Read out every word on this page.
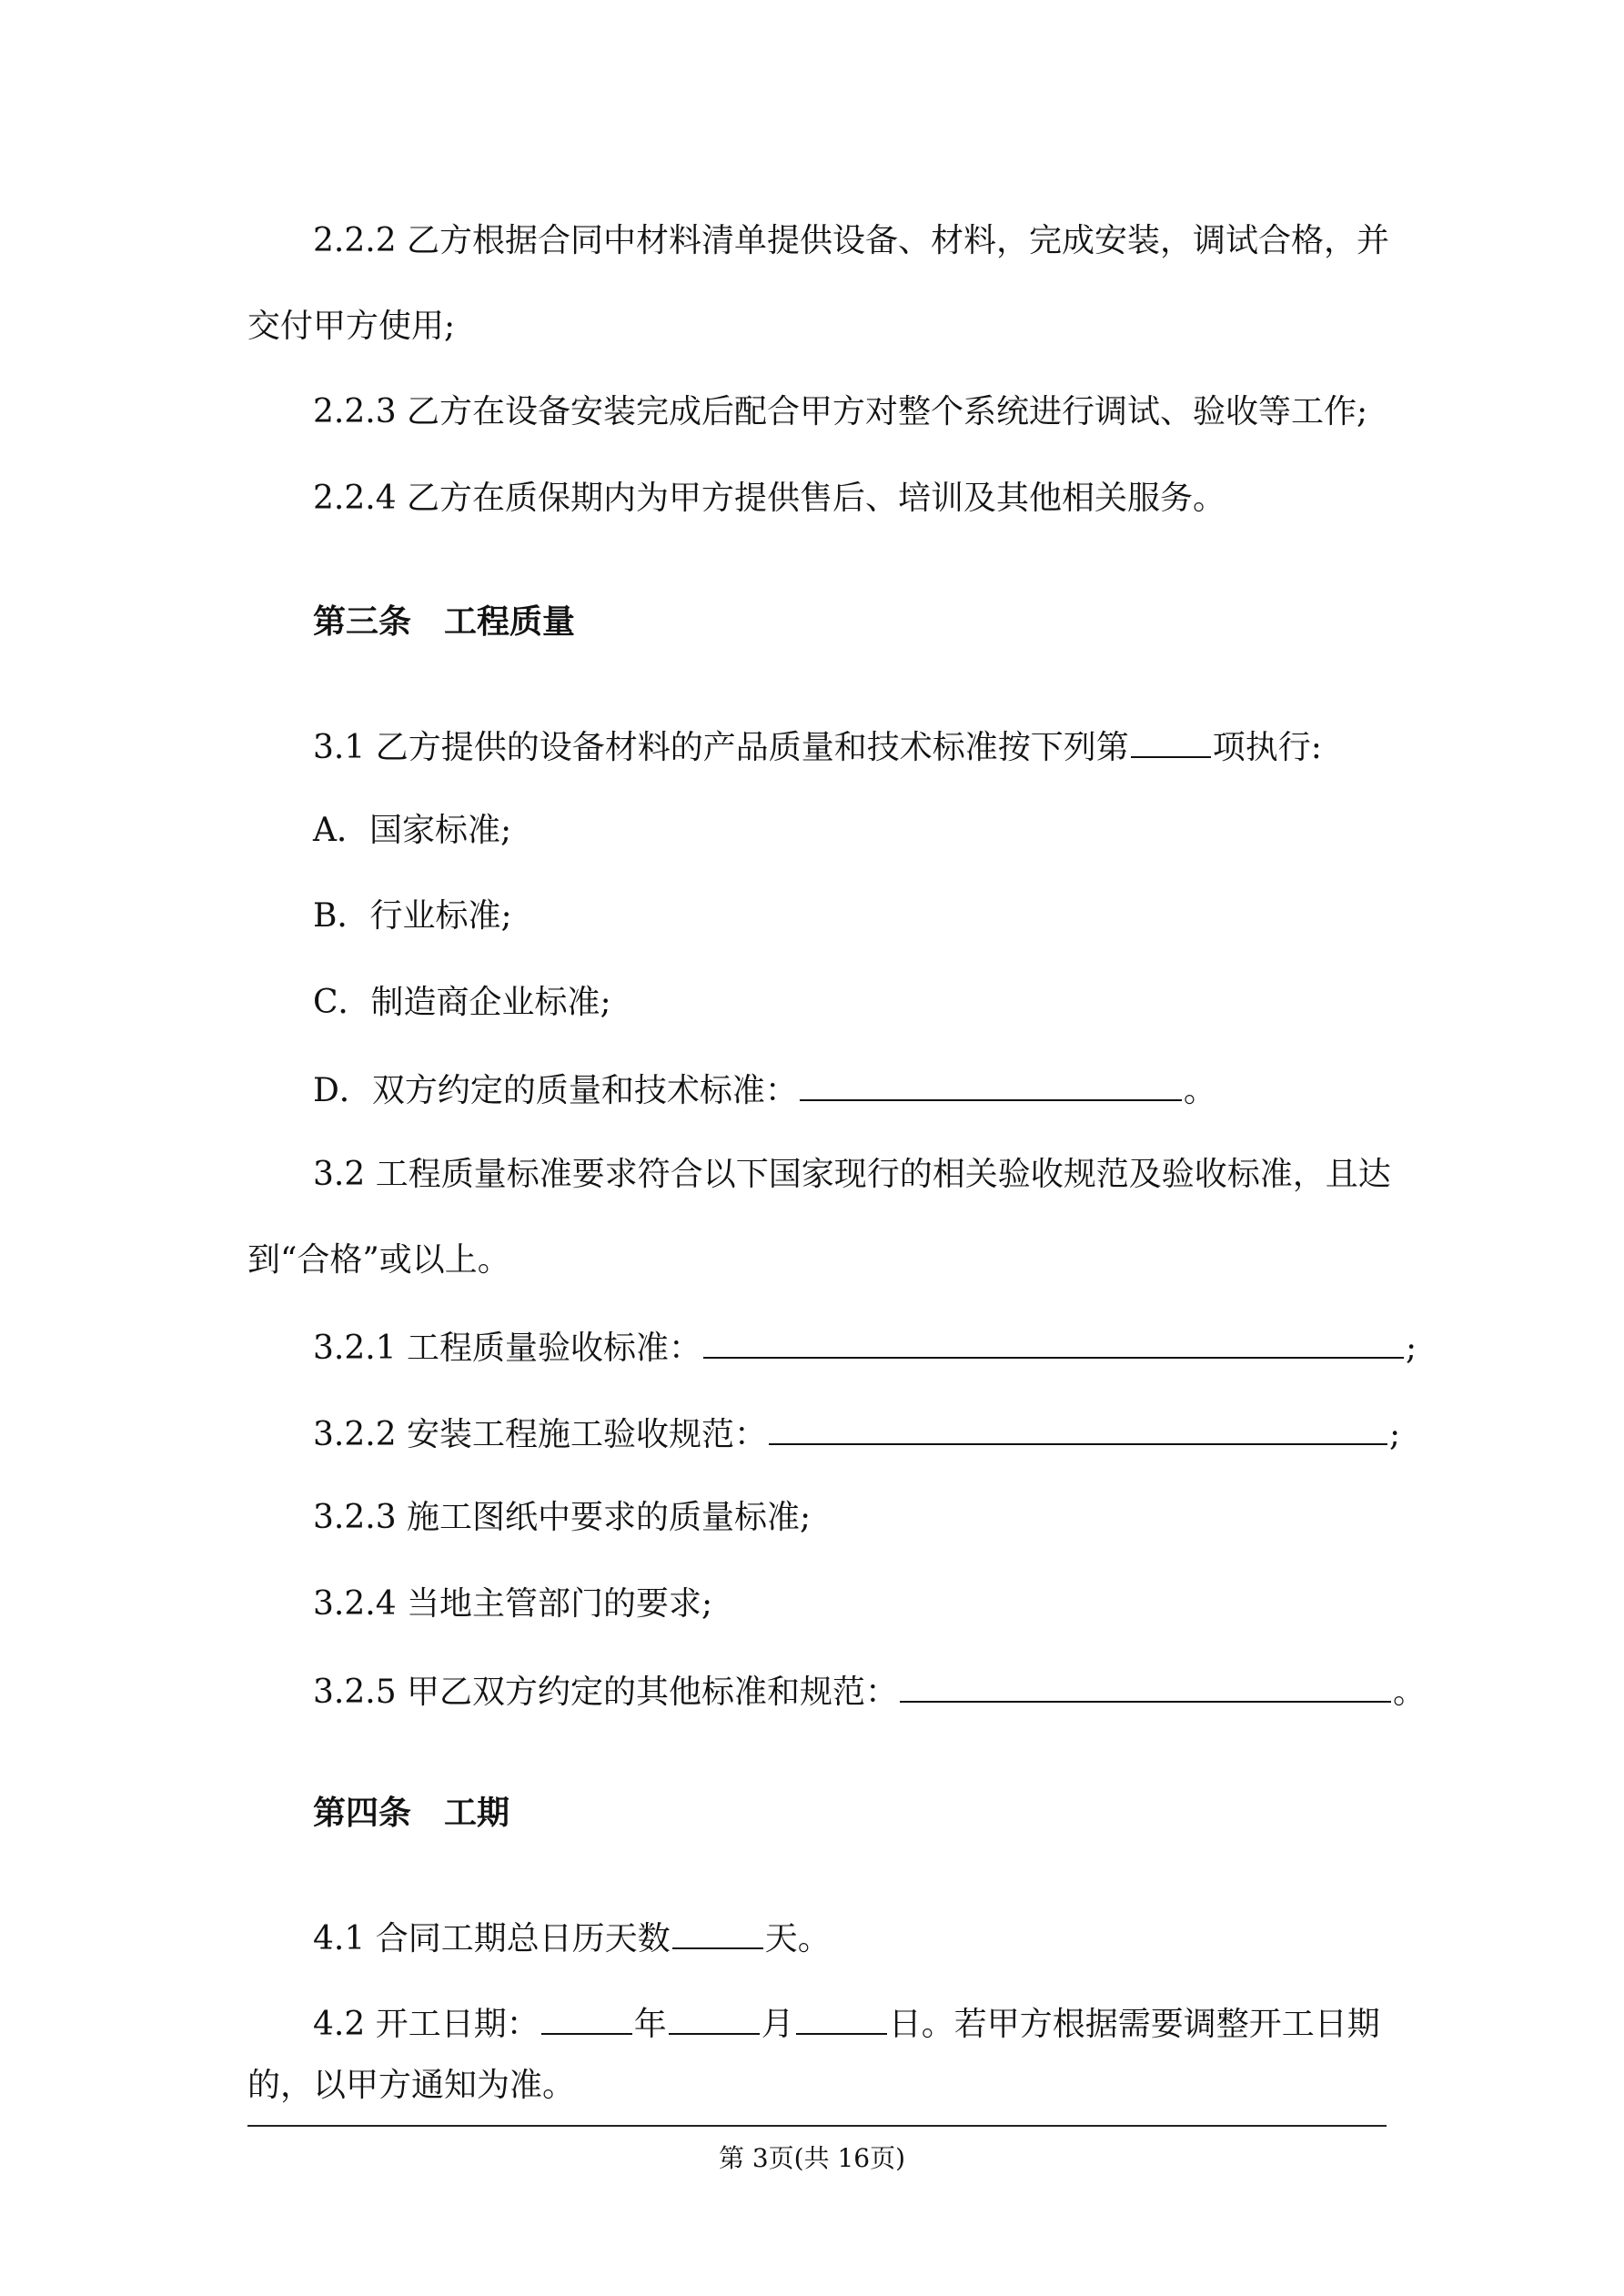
2.2.2 乙方根据合同中材料清单提供设备、材料，完成安装，调试合格，并
交付甲方使用;
2.2.3 乙方在设备安装完成后配合甲方对整个系统进行调试、验收等工作;
2.2.4 乙方在质保期内为甲方提供售后、培训及其他相关服务。
第三条 工程质量
3.1 乙方提供的设备材料的产品质量和技术标准按下列第	项执行:
A．国家标准;
B．行业标准;
C．制造商企业标准;
D．双方约定的质量和技术标准：	。
3.2 工程质量标准要求符合以下国家现行的相关验收规范及验收标准，且达
到“合格”或以上。
3.2.1 工程质量验收标准：	;
3.2.2 安装工程施工验收规范：	;
3.2.3 施工图纸中要求的质量标准;
3.2.4 当地主管部门的要求;
3.2.5 甲乙双方约定的其他标准和规范：	。
第四条 工期
4.1 合同工期总日历天数	天。
4.2 开工日期：	年	月	日。若甲方根据需要调整开工日期
的，以甲方通知为准。
第 3页(共 16页)
